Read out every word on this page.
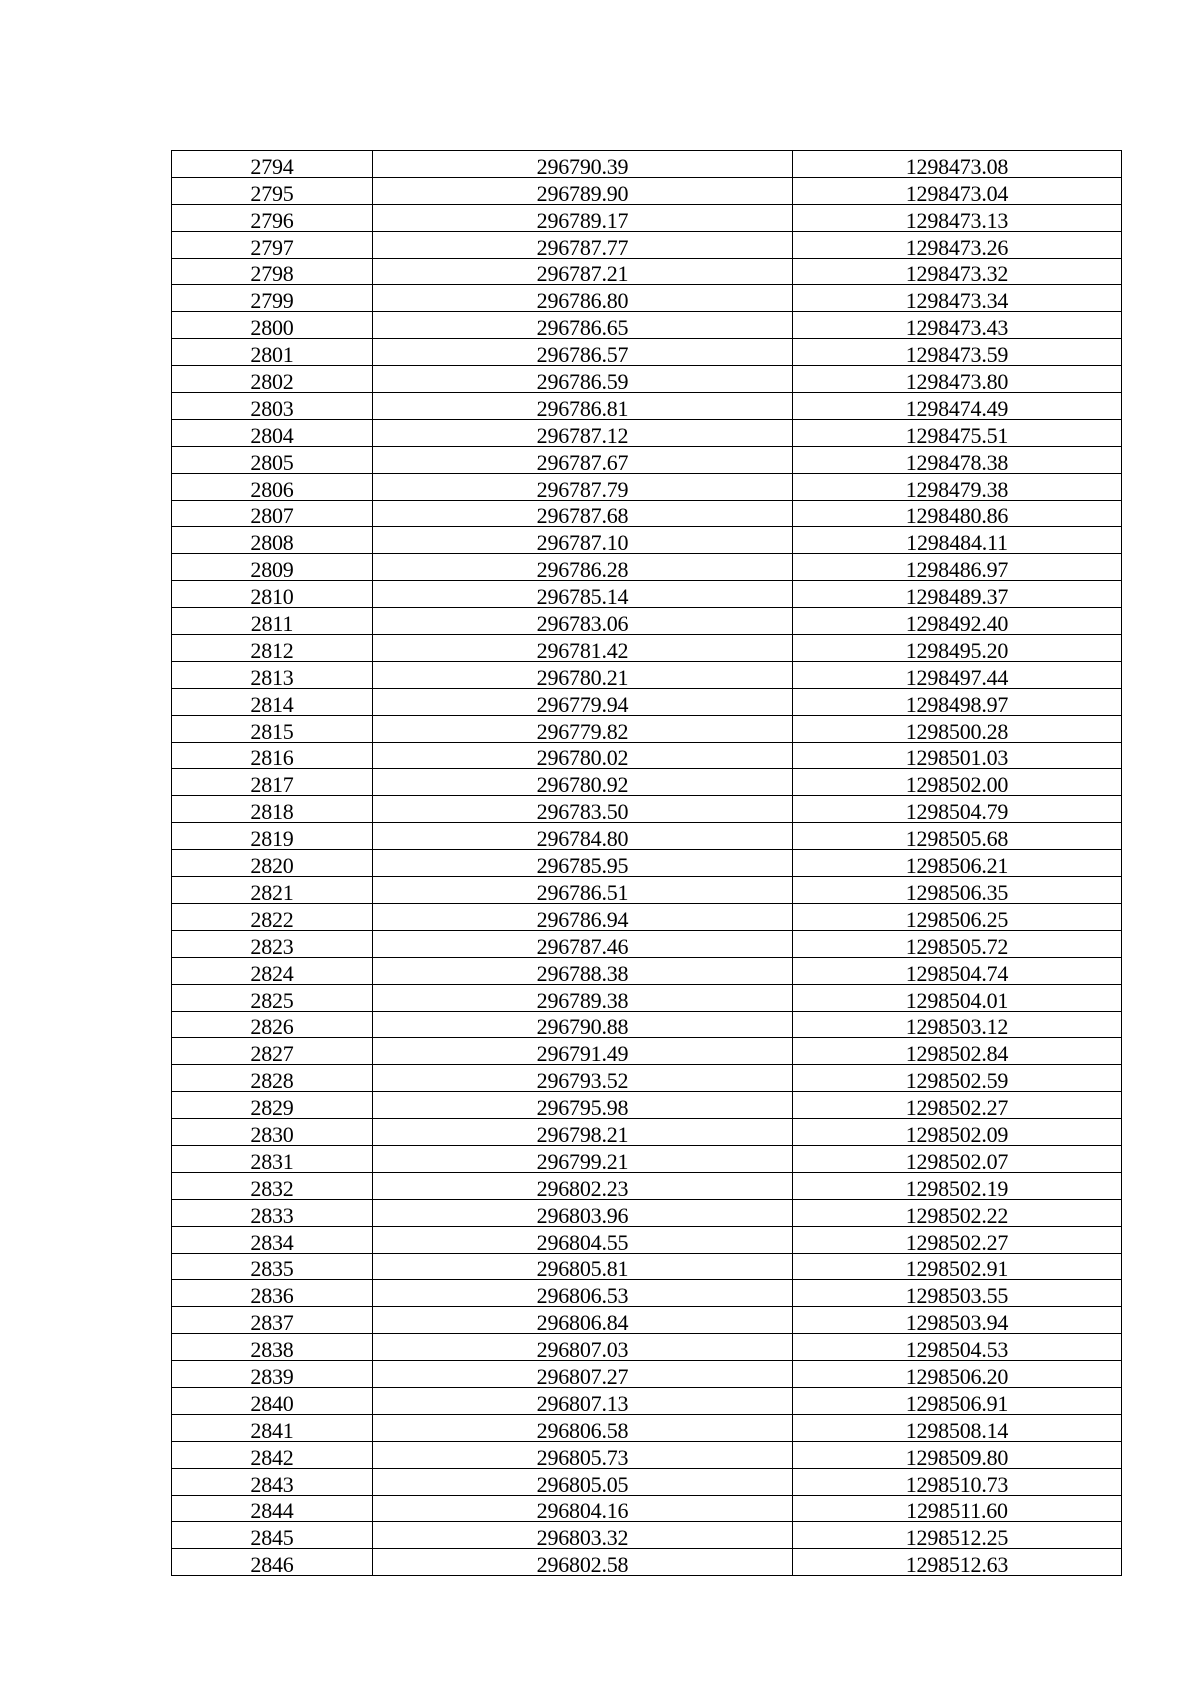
2794	296790.39	1298473.08
2795	296789.90	1298473.04
2796	296789.17	1298473.13
2797	296787.77	1298473.26
2798	296787.21	1298473.32
2799	296786.80	1298473.34
2800	296786.65	1298473.43
2801	296786.57	1298473.59
2802	296786.59	1298473.80
2803	296786.81	1298474.49
2804	296787.12	1298475.51
2805	296787.67	1298478.38
2806	296787.79	1298479.38
2807	296787.68	1298480.86
2808	296787.10	1298484.11
2809	296786.28	1298486.97
2810	296785.14	1298489.37
2811	296783.06	1298492.40
2812	296781.42	1298495.20
2813	296780.21	1298497.44
2814	296779.94	1298498.97
2815	296779.82	1298500.28
2816	296780.02	1298501.03
2817	296780.92	1298502.00
2818	296783.50	1298504.79
2819	296784.80	1298505.68
2820	296785.95	1298506.21
2821	296786.51	1298506.35
2822	296786.94	1298506.25
2823	296787.46	1298505.72
2824	296788.38	1298504.74
2825	296789.38	1298504.01
2826	296790.88	1298503.12
2827	296791.49	1298502.84
2828	296793.52	1298502.59
2829	296795.98	1298502.27
2830	296798.21	1298502.09
2831	296799.21	1298502.07
2832	296802.23	1298502.19
2833	296803.96	1298502.22
2834	296804.55	1298502.27
2835	296805.81	1298502.91
2836	296806.53	1298503.55
2837	296806.84	1298503.94
2838	296807.03	1298504.53
2839	296807.27	1298506.20
2840	296807.13	1298506.91
2841	296806.58	1298508.14
2842	296805.73	1298509.80
2843	296805.05	1298510.73
2844	296804.16	1298511.60
2845	296803.32	1298512.25
2846	296802.58	1298512.63
